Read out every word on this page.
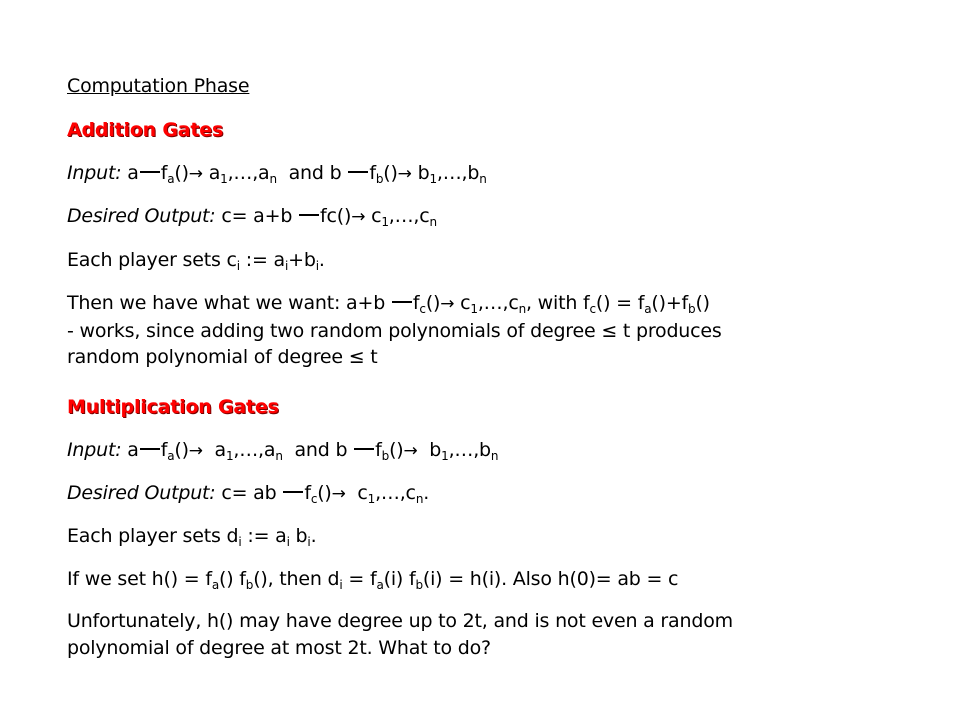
Computation Phase
Addition Gates
Input: a $f_a()\to$ $a_1,\dots,a_n$ and b $f_b()\to$ $b_1,\dots,b_n$
Desired Output: c= a+b $fc()\to c_1,\dots,c_n$
Each player sets $c_i$ := $a_i+b_i$.
Then we have what we want: a+b $f_c()\to$ $c_1,\dots,c_n$, with $f_c() = f_a()+f_b()$
- works, since adding two random polynomials of degree ≤ t produces
random polynomial of degree ≤ t
Multiplication Gates
Input: a $f_a()\to$ $a_1,\dots,a_n$ and b $f_b()\to$ $b_1,\dots,b_n$
Desired Output: c= ab $f_c()\to$ $c_1,\dots,c_n$.
Each player sets $d_i$ := $a_i$ $b_i$.
If we set $h() = f_a()$ $f_b()$, then $d_i = f_a(i) f_b(i) = h(i)$. Also h(0)= ab = c
Unfortunately, h() may have degree up to 2t, and is not even a random
polynomial of degree at most 2t. What to do?
